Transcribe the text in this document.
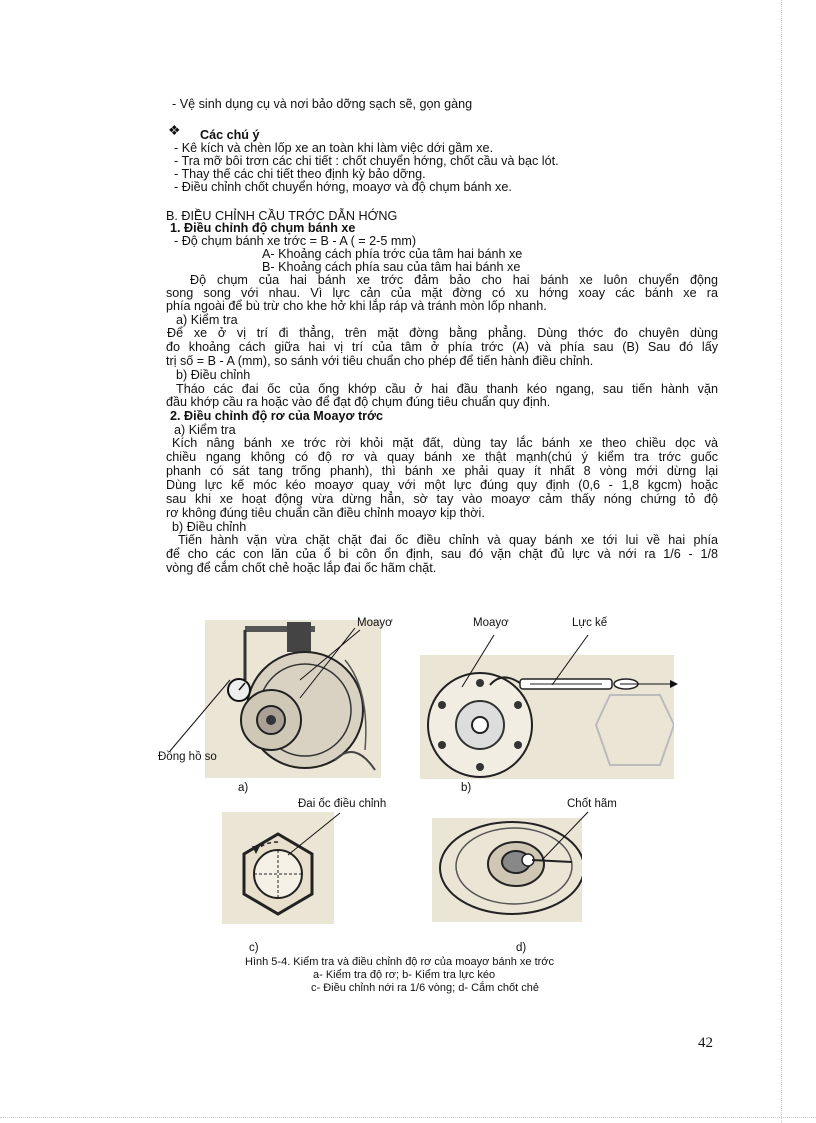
- Vệ sinh dụng cụ và nơi bảo dỡng sạch sẽ, gọn gàng
❖ Các chú ý
- Kê kích và chèn lốp xe an toàn khi làm việc dới gầm xe.
- Tra mỡ bôi trơn các chi tiết : chốt chuyển hớng, chốt cầu và bạc lót.
- Thay thế các chi tiết theo định kỳ bảo dỡng.
- Điều chỉnh chốt chuyển hớng, moayơ và độ chụm bánh xe.
B. ĐIỀU CHỈNH CẦU TRỚC DẪN HỚNG
1. Điều chỉnh độ chụm bánh xe
- Độ chụm bánh xe trớc = B - A ( = 2-5 mm)
A- Khoảng cách phía trớc của tâm hai bánh xe
B- Khoảng cách phía sau của tâm hai bánh xe
Độ chụm của hai bánh xe trớc đảm bảo cho hai bánh xe luôn chuyển động
song song với nhau. Vì lực cản của mặt đờng có xu hớng xoay các bánh xe ra
phía ngoài để bù trừ cho khe hở khi lắp ráp và tránh mòn lốp nhanh.
a) Kiểm tra
Để xe ở vị trí đi thẳng, trên mặt đờng bằng phẳng. Dùng thớc đo chuyên dùng
đo khoảng cách giữa hai vị trí của tâm ở phía trớc (A) và phía sau (B) Sau đó lấy
trị số = B - A (mm), so sánh với tiêu chuẩn cho phép để tiến hành điều chỉnh.
b) Điều chỉnh
Tháo các đai ốc của ống khớp cầu ở hai đầu thanh kéo ngang, sau tiến hành vặn
đầu khớp cầu ra hoặc vào để đạt độ chụm đúng tiêu chuẩn quy định.
2. Điều chỉnh độ rơ của Moayơ trớc
a) Kiểm tra
Kích nâng bánh xe trớc rời khỏi mặt đất, dùng tay lắc bánh xe theo chiều dọc và
chiều ngang không có độ rơ và quay bánh xe thật mạnh(chú ý kiểm tra trớc guốc
phanh có sát tang trống phanh), thì bánh xe phải quay ít nhất 8 vòng mới dừng lại
Dùng lực kế móc kéo moayơ quay với một lực đúng quy định (0,6 - 1,8 kgcm) hoặc
sau khi xe hoạt động vừa dừng hẳn, sờ tay vào moayơ cảm thấy nóng chứng tỏ độ
rơ không đúng tiêu chuẩn cần điều chỉnh moayơ kịp thời.
b) Điều chỉnh
Tiến hành vặn vừa chặt chặt đai ốc điều chỉnh và quay bánh xe tới lui về hai phía
để cho các con lăn của ổ bi côn ổn định, sau đó vặn chặt đủ lực và nới ra 1/6 - 1/8
vòng để cắm chốt chẻ hoặc lắp đai ốc hãm chặt.
Moayơ
Đồng hồ so
Moayơ	Lực kế
Đai ốc điều chỉnh	Chốt hãm
a)	b)
c)	d)
Hình 5-4. Kiểm tra và điều chỉnh độ rơ của moayơ bánh xe trớc
a- Kiểm tra độ rơ; b- Kiểm tra lực kéo
c- Điều chỉnh nới ra 1/6 vòng; d- Cắm chốt chẻ
42
